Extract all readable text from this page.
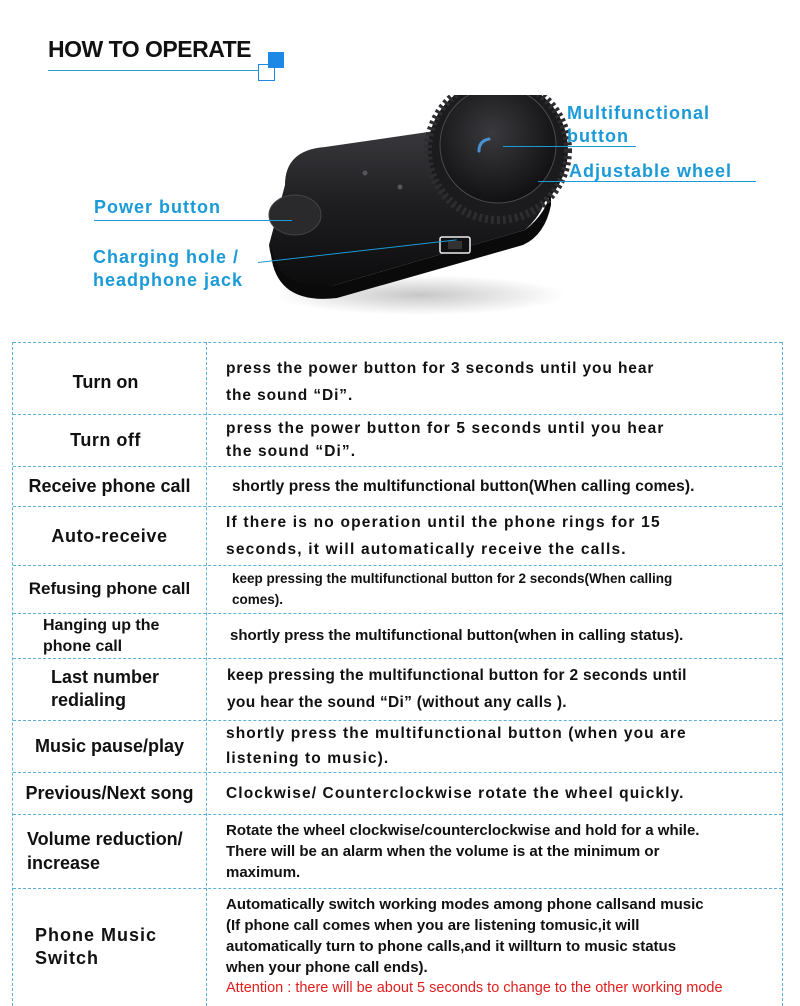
HOW TO OPERATE
Multifunctional
button
Adjustable wheel
Power button
Charging hole /
headphone jack
Turn on
press the power button for 3 seconds until you hear
the sound “Di”.
Turn off
press the power button for 5 seconds until you hear
the sound “Di”.
Receive phone call	shortly press the multifunctional button(When calling comes).
Auto-receive
If there is no operation until the phone rings for 15
seconds, it will automatically receive the calls.
Refusing phone call
keep pressing the multifunctional button for 2 seconds(When calling
comes).
Hanging up the
phone call
shortly press the multifunctional button(when in calling status).
Last number
redialing
keep pressing the multifunctional button for 2 seconds until
you hear the sound “Di” (without any calls ).
Music pause/play
shortly press the multifunctional button (when you are
listening to music).
Previous/Next song	Clockwise/ Counterclockwise rotate the wheel quickly.
Volume reduction/
increase
Rotate the wheel clockwise/counterclockwise and hold for a while.
There will be an alarm when the volume is at the minimum or
maximum.
Phone Music
Switch
Automatically switch working modes among phone callsand music
(If phone call comes when you are listening tomusic,it will
automatically turn to phone calls,and it willturn to music status
when your phone call ends).
Attention : there will be about 5 seconds to change to the other working mode
